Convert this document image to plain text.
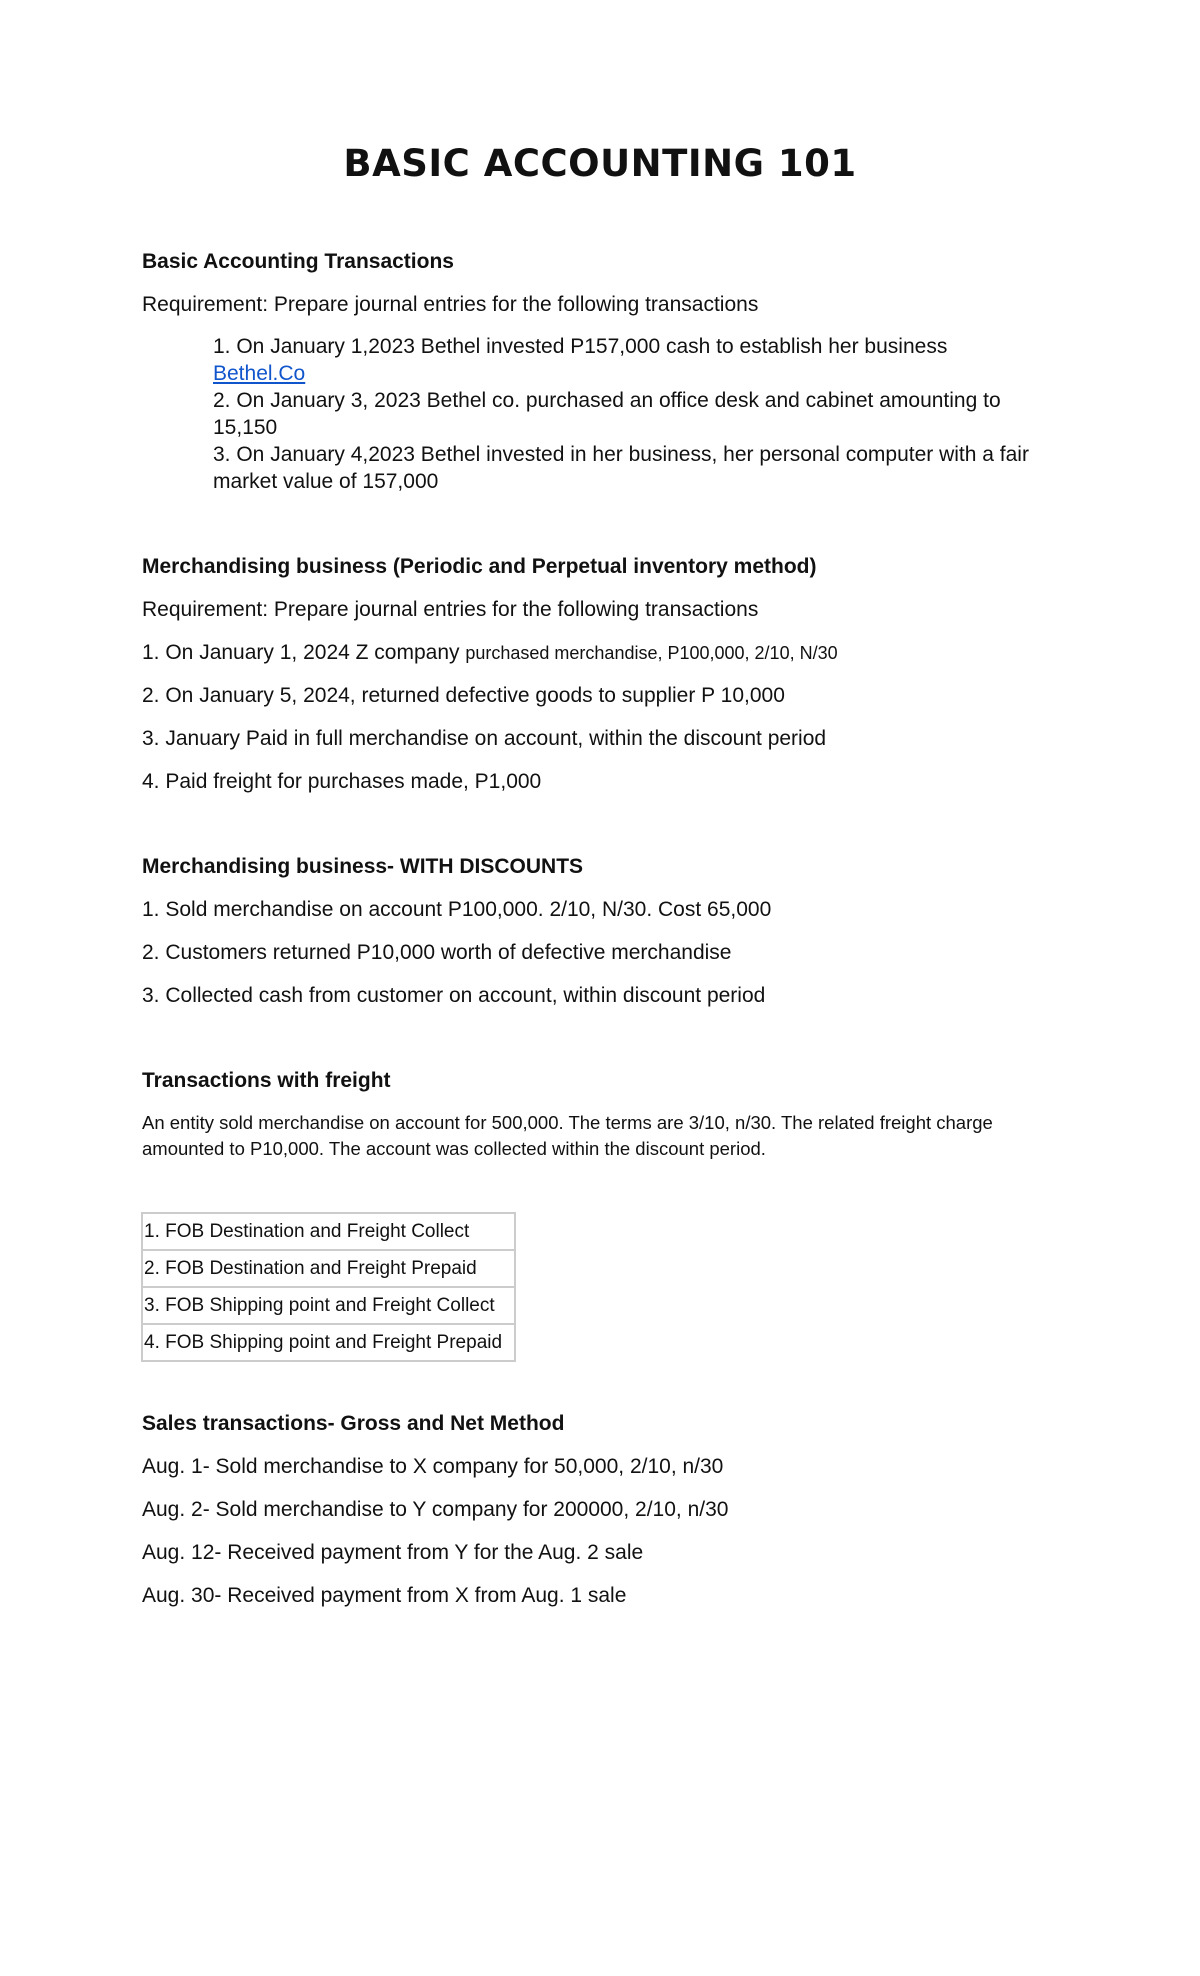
BASIC ACCOUNTING 101

Basic Accounting Transactions

Requirement: Prepare journal entries for the following transactions

1. On January 1,2023 Bethel invested P157,000 cash to establish her business

Bethel.Co

2. On January 3, 2023 Bethel co. purchased an office desk and cabinet amounting to

15,150

3. On January 4,2023 Bethel invested in her business, her personal computer with a fair

market value of 157,000

Merchandising business (Periodic and Perpetual inventory method)

Requirement: Prepare journal entries for the following transactions

1. On January 1, 2024 Z company purchased merchandise, P100,000, 2/10, N/30

2. On January 5, 2024, returned defective goods to supplier P 10,000

3. January Paid in full merchandise on account, within the discount period

4. Paid freight for purchases made, P1,000

Merchandising business- WITH DISCOUNTS

1. Sold merchandise on account P100,000. 2/10, N/30. Cost 65,000

2. Customers returned P10,000 worth of defective merchandise

3. Collected cash from customer on account, within discount period

Transactions with freight

An entity sold merchandise on account for 500,000. The terms are 3/10, n/30. The related freight charge amounted to P10,000. The account was collected within the discount period.

1. FOB Destination and Freight Collect
2. FOB Destination and Freight Prepaid
3. FOB Shipping point and Freight Collect
4. FOB Shipping point and Freight Prepaid

Sales transactions- Gross and Net Method

Aug. 1- Sold merchandise to X company for 50,000, 2/10, n/30

Aug. 2- Sold merchandise to Y company for 200000, 2/10, n/30

Aug. 12- Received payment from Y for the Aug. 2 sale

Aug. 30- Received payment from X from Aug. 1 sale
